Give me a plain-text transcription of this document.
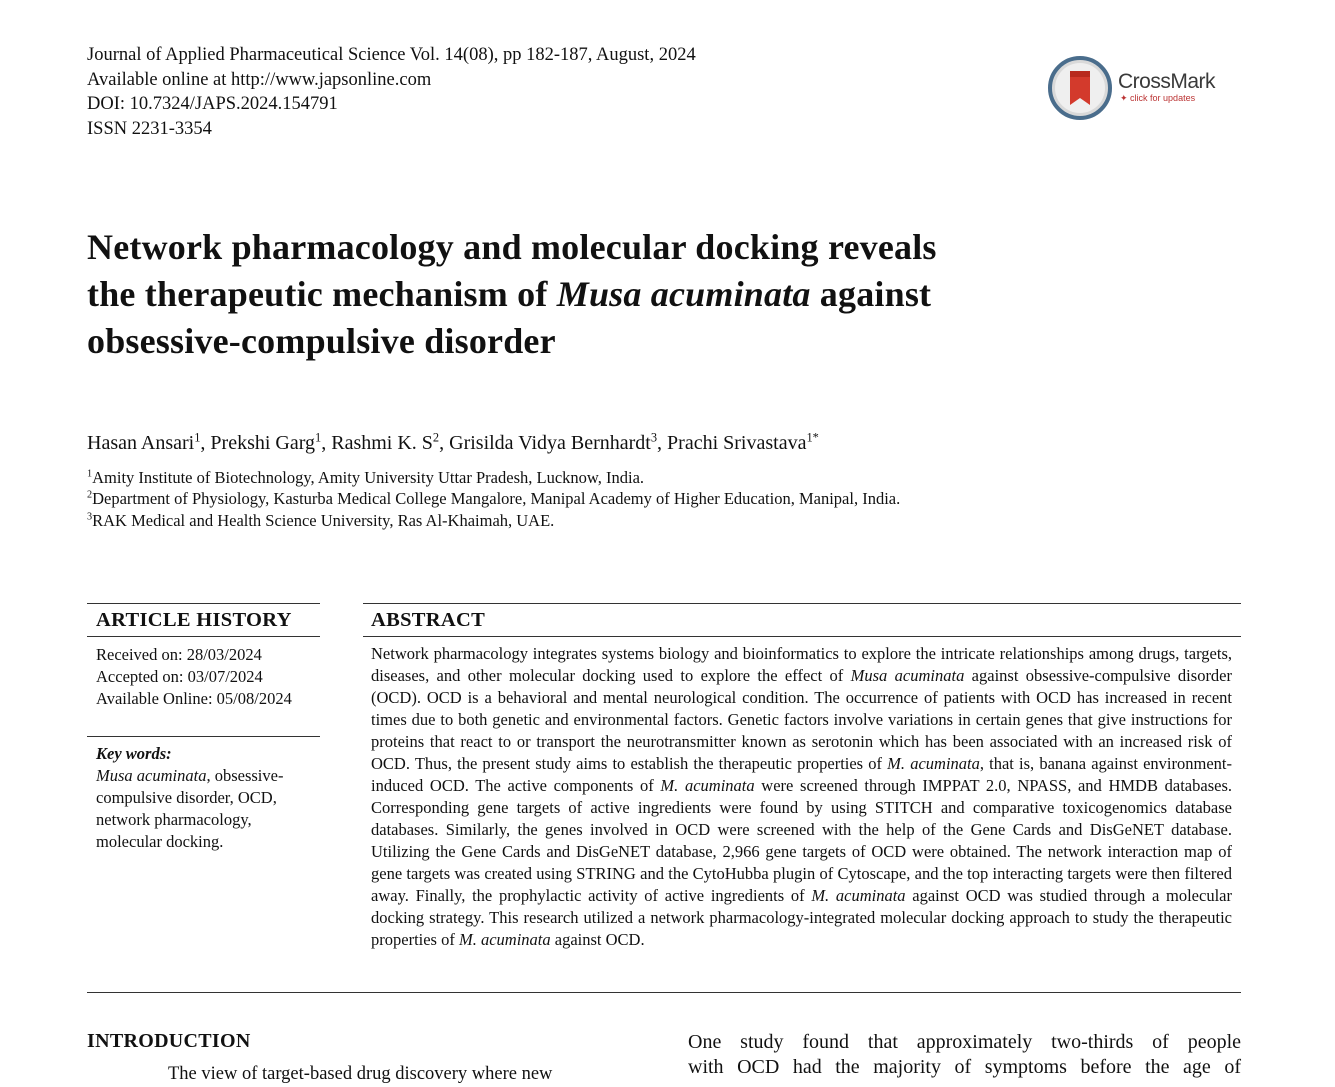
Journal of Applied Pharmaceutical Science Vol. 14(08), pp 182-187, August, 2024
Available online at http://www.japsonline.com
DOI: 10.7324/JAPS.2024.154791
ISSN 2231-3354
CrossMark
✦ click for updates
Network pharmacology and molecular docking reveals
the therapeutic mechanism of Musa acuminata against
obsessive-compulsive disorder
Hasan Ansari$^1$, Prekshi Garg$^1$, Rashmi K. $S^2$, Grisilda Vidya Bernhardt$^3$, Prachi Srivastava$^{1*}$
$^1$Amity Institute of Biotechnology, Amity University Uttar Pradesh, Lucknow, India.
$^2$Department of Physiology, Kasturba Medical College Mangalore, Manipal Academy of Higher Education, Manipal, India.
$^3$RAK Medical and Health Science University, Ras Al-Khaimah, UAE.
ARTICLE HISTORY
Received on: 28/03/2024
Accepted on: 03/07/2024
Available Online: 05/08/2024
Key words:
Musa acuminata, obsessive-compulsive disorder, OCD, network pharmacology, molecular docking.
ABSTRACT
Network pharmacology integrates systems biology and bioinformatics to explore the intricate relationships among drugs, targets, diseases, and other molecular docking used to explore the effect of Musa acuminata against obsessive-compulsive disorder (OCD). OCD is a behavioral and mental neurological condition. The occurrence of patients with OCD has increased in recent times due to both genetic and environmental factors. Genetic factors involve variations in certain genes that give instructions for proteins that react to or transport the neurotransmitter known as serotonin which has been associated with an increased risk of OCD. Thus, the present study aims to establish the therapeutic properties of M. acuminata, that is, banana against environment-induced OCD. The active components of M. acuminata were screened through IMPPAT 2.0, NPASS, and HMDB databases. Corresponding gene targets of active ingredients were found by using STITCH and comparative toxicogenomics database databases. Similarly, the genes involved in OCD were screened with the help of the Gene Cards and DisGeNET database. Utilizing the Gene Cards and DisGeNET database, 2,966 gene targets of OCD were obtained. The network interaction map of gene targets was created using STRING and the CytoHubba plugin of Cytoscape, and the top interacting targets were then filtered away. Finally, the prophylactic activity of active ingredients of M. acuminata against OCD was studied through a molecular docking strategy. This research utilized a network pharmacology-integrated molecular docking approach to study the therapeutic properties of M. acuminata against OCD.
INTRODUCTION
The view of target-based drug discovery where new
One study found that approximately two-thirds of people
with OCD had the majority of symptoms before the age of
